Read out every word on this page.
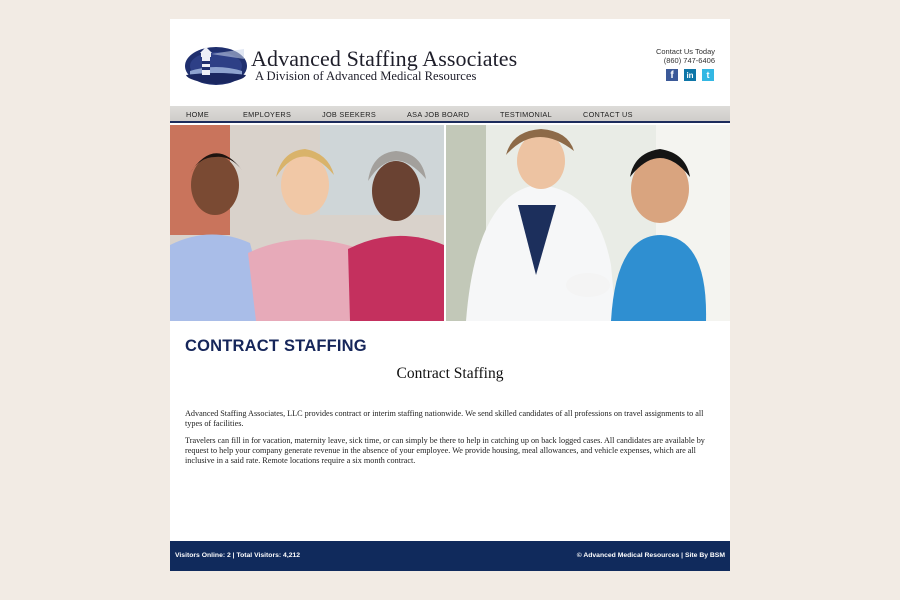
Advanced Staffing Associates
A Division of Advanced Medical Resources
Contact Us Today
(860) 747-6406
f	in	t
HOME	EMPLOYERS	JOB SEEKERS	ASA JOB BOARD	TESTIMONIAL	CONTACT US
CONTRACT STAFFING
Contract Staffing

Advanced Staffing Associates, LLC provides contract or interim staffing nationwide. We send skilled candidates of all professions on travel assignments to all types of facilities.

Travelers can fill in for vacation, maternity leave, sick time, or can simply be there to help in catching up on back logged cases. All candidates are available by request to help your company generate revenue in the absence of your employee. We provide housing, meal allowances, and vehicle expenses, which are all inclusive in a said rate. Remote locations require a six month contract.

Visitors Online: 2 | Total Visitors: 4,212	© Advanced Medical Resources | Site By BSM
